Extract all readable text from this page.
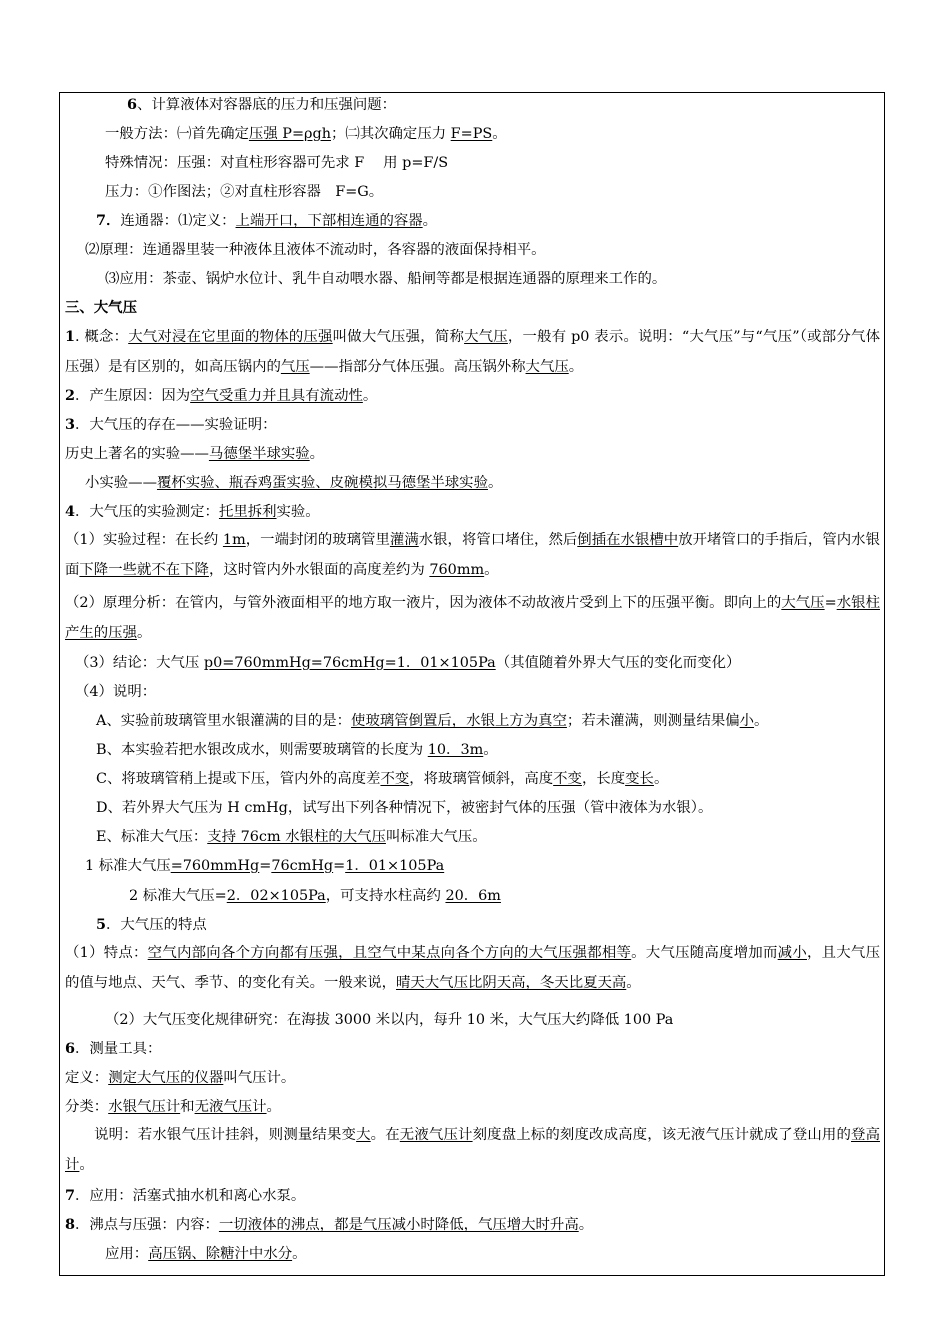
6、计算液体对容器底的压力和压强问题：
一般方法：㈠首先确定压强 P=ρgh；㈡其次确定压力 F=PS。
特殊情况：压强：对直柱形容器可先求 F　 用 p=F/S
压力：①作图法；②对直柱形容器　F=G。
7．连通器：⑴定义：上端开口，下部相连通的容器。
⑵原理：连通器里装一种液体且液体不流动时，各容器的液面保持相平。
⑶应用：茶壶、锅炉水位计、乳牛自动喂水器、船闸等都是根据连通器的原理来工作的。
三、大气压
1. 概念：大气对浸在它里面的物体的压强叫做大气压强，简称大气压，一般有 p0 表示。说明：“大气压”与“气压”（或部分气体压强）是有区别的，如高压锅内的气压——指部分气体压强。高压锅外称大气压。
2．产生原因：因为空气受重力并且具有流动性。
3．大气压的存在——实验证明：
历史上著名的实验——马德堡半球实验。
小实验——覆杯实验、瓶吞鸡蛋实验、皮碗模拟马德堡半球实验。
4．大气压的实验测定：托里拆利实验。
（1）实验过程：在长约 1m，一端封闭的玻璃管里灌满水银，将管口堵住，然后倒插在水银槽中放开堵管口的手指后，管内水银面下降一些就不在下降，这时管内外水银面的高度差约为 760mm。
（2）原理分析：在管内，与管外液面相平的地方取一液片，因为液体不动故液片受到上下的压强平衡。即向上的大气压=水银柱产生的压强。
（3）结论：大气压 p0=760mmHg=76cmHg=1．01×105Pa（其值随着外界大气压的变化而变化）
（4）说明：
A、实验前玻璃管里水银灌满的目的是：使玻璃管倒置后，水银上方为真空；若未灌满，则测量结果偏小。
B、本实验若把水银改成水，则需要玻璃管的长度为 10．3m。
C、将玻璃管稍上提或下压，管内外的高度差不变，将玻璃管倾斜，高度不变，长度变长。
D、若外界大气压为 H cmHg，试写出下列各种情况下，被密封气体的压强（管中液体为水银）。
E、标准大气压：支持 76cm 水银柱的大气压叫标准大气压。
1 标准大气压=760mmHg=76cmHg=1．01×105Pa
2 标准大气压=2．02×105Pa，可支持水柱高约 20．6m
5．大气压的特点
（1）特点：空气内部向各个方向都有压强，且空气中某点向各个方向的大气压强都相等。大气压随高度增加而减小，且大气压的值与地点、天气、季节、的变化有关。一般来说，晴天大气压比阴天高，冬天比夏天高。
（2）大气压变化规律研究：在海拔 3000 米以内，每升 10 米，大气压大约降低 100 Pa
6．测量工具：
定义：测定大气压的仪器叫气压计。
分类：水银气压计和无液气压计。
　　说明：若水银气压计挂斜，则测量结果变大。在无液气压计刻度盘上标的刻度改成高度，该无液气压计就成了登山用的登高计。
7．应用：活塞式抽水机和离心水泵。
8．沸点与压强：内容：一切液体的沸点，都是气压减小时降低，气压增大时升高。
应用：高压锅、除糖汁中水分。
